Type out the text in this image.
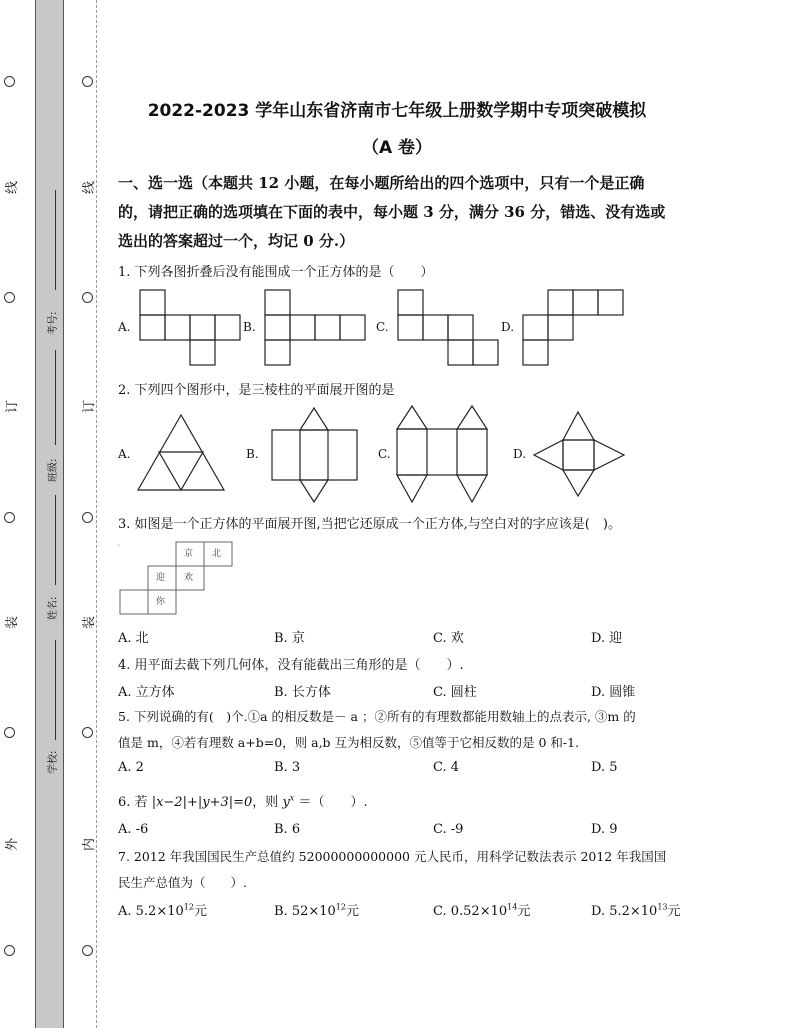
线
订
装
外
线
订
装
内
考号:
班级:
姓名:
学校:
2022-2023 学年山东省济南市七年级上册数学期中专项突破模拟
（A 卷）
一、选一选（本题共 12 小题，在每小题所给出的四个选项中，只有一个是正确
的，请把正确的选项填在下面的表中，每小题 3 分，满分 36 分，错选、没有选或
选出的答案超过一个，均记 0 分.）
1. 下列各图折叠后没有能围成一个正方体的是（　　）
A.	B.	C.	D.
`
2. 下列四个图形中，是三棱柱的平面展开图的是
A.	B.	C.	D.
3. 如图是一个正方体的平面展开图,当把它还原成一个正方体,与空白对的字应该是(　)。
京 北
迎 欢
你
A. 北	B. 京	C. 欢	D. 迎
4. 用平面去截下列几何体，没有能截出三角形的是（　　）.
A. 立方体	B. 长方体	C. 圆柱	D. 圆锥
5. 下列说确的有(　)个.①a 的相反数是－ a ；②所有的有理数都能用数轴上的点表示, ③m 的
值是 m，④若有理数 a+b=0，则 a,b 互为相反数，⑤值等于它相反数的是 0 和-1.
A. 2	B. 3	C. 4	D. 5
6. 若 |x−2|+|y+3|=0，则 $y^x$ ＝（　　）.
A. -6	B. 6	C. -9	D. 9
7. 2012 年我国国民生产总值约 52000000000000 元人民币，用科学记数法表示 2012 年我国国
民生产总值为（　　）.
A. $5.2\times 10^{12}$元	B. $52\times 10^{12}$元	C. $0.52\times 10^{14}$元	D. $5.2\times 10^{13}$元
